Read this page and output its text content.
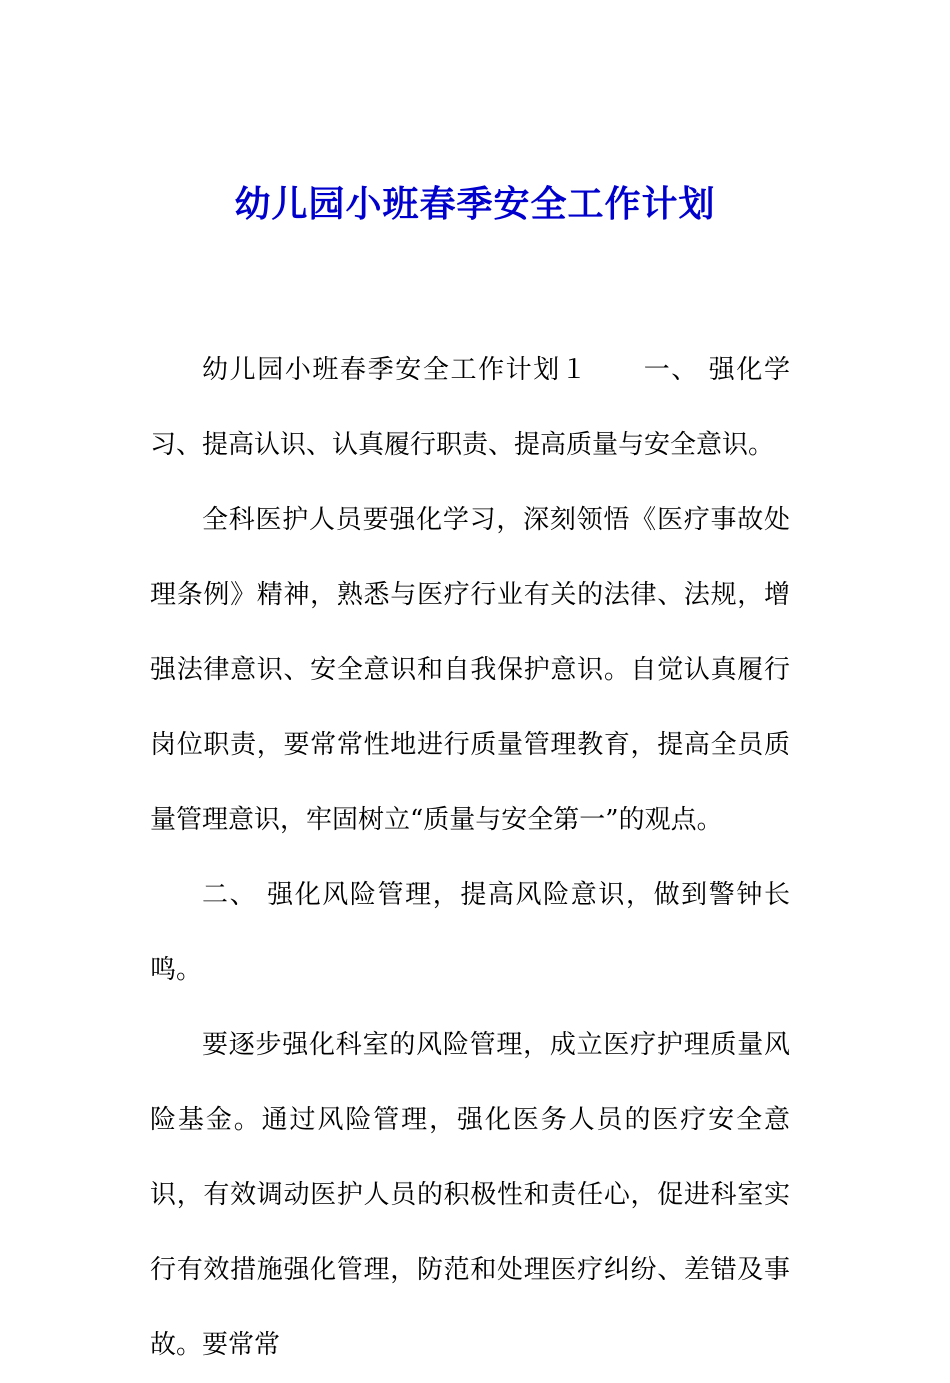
幼儿园小班春季安全工作计划

幼儿园小班春季安全工作计划１　　一、 强化学习、提高认识、认真履行职责、提高质量与安全意识。

全科医护人员要强化学习，深刻领悟《医疗事故处理条例》精神，熟悉与医疗行业有关的法律、法规，增强法律意识、安全意识和自我保护意识。自觉认真履行岗位职责，要常常性地进行质量管理教育，提高全员质量管理意识，牢固树立“质量与安全第一”的观点。

二、 强化风险管理，提高风险意识，做到警钟长鸣。

要逐步强化科室的风险管理，成立医疗护理质量风险基金。通过风险管理，强化医务人员的医疗安全意识，有效调动医护人员的积极性和责任心，促进科室实行有效措施强化管理，防范和处理医疗纠纷、差错及事故。要常常
